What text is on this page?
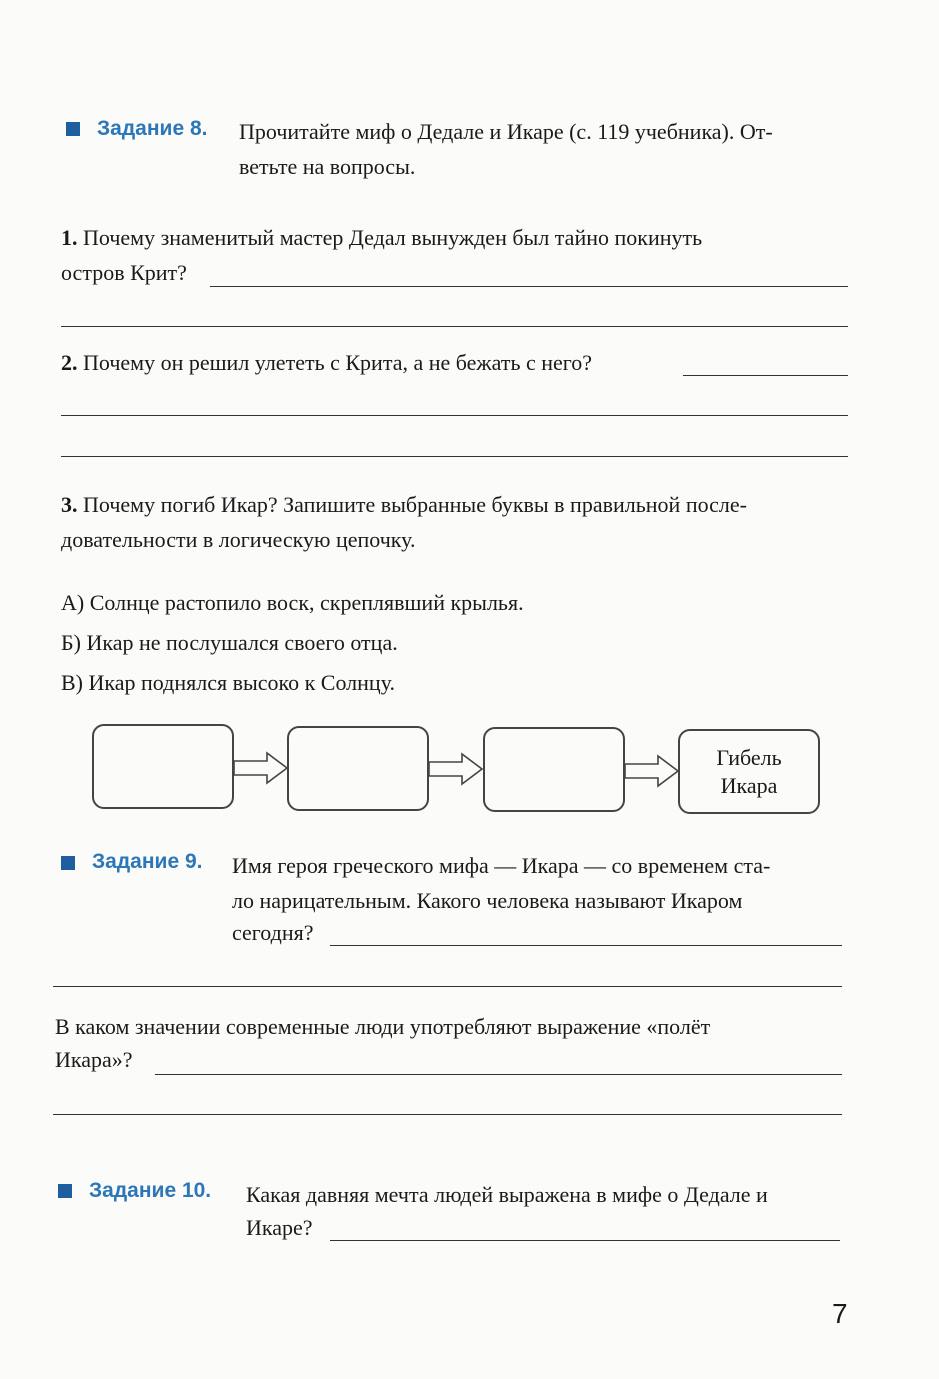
Задание 8. Прочитайте миф о Дедале и Икаре (с. 119 учебника). От-
ветьте на вопросы.
1. Почему знаменитый мастер Дедал вынужден был тайно покинуть
остров Крит?
2. Почему он решил улететь с Крита, а не бежать с него?
3. Почему погиб Икар? Запишите выбранные буквы в правильной после-
довательности в логическую цепочку.
А) Солнце растопило воск, скреплявший крылья.
Б) Икар не послушался своего отца.
В) Икар поднялся высоко к Солнцу.
Гибель
Икара
Задание 9. Имя героя греческого мифа — Икара — со временем ста-
ло нарицательным. Какого человека называют Икаром
сегодня?
В каком значении современные люди употребляют выражение «полёт
Икара»?
Задание 10. Какая давняя мечта людей выражена в мифе о Дедале и
Икаре?
7
